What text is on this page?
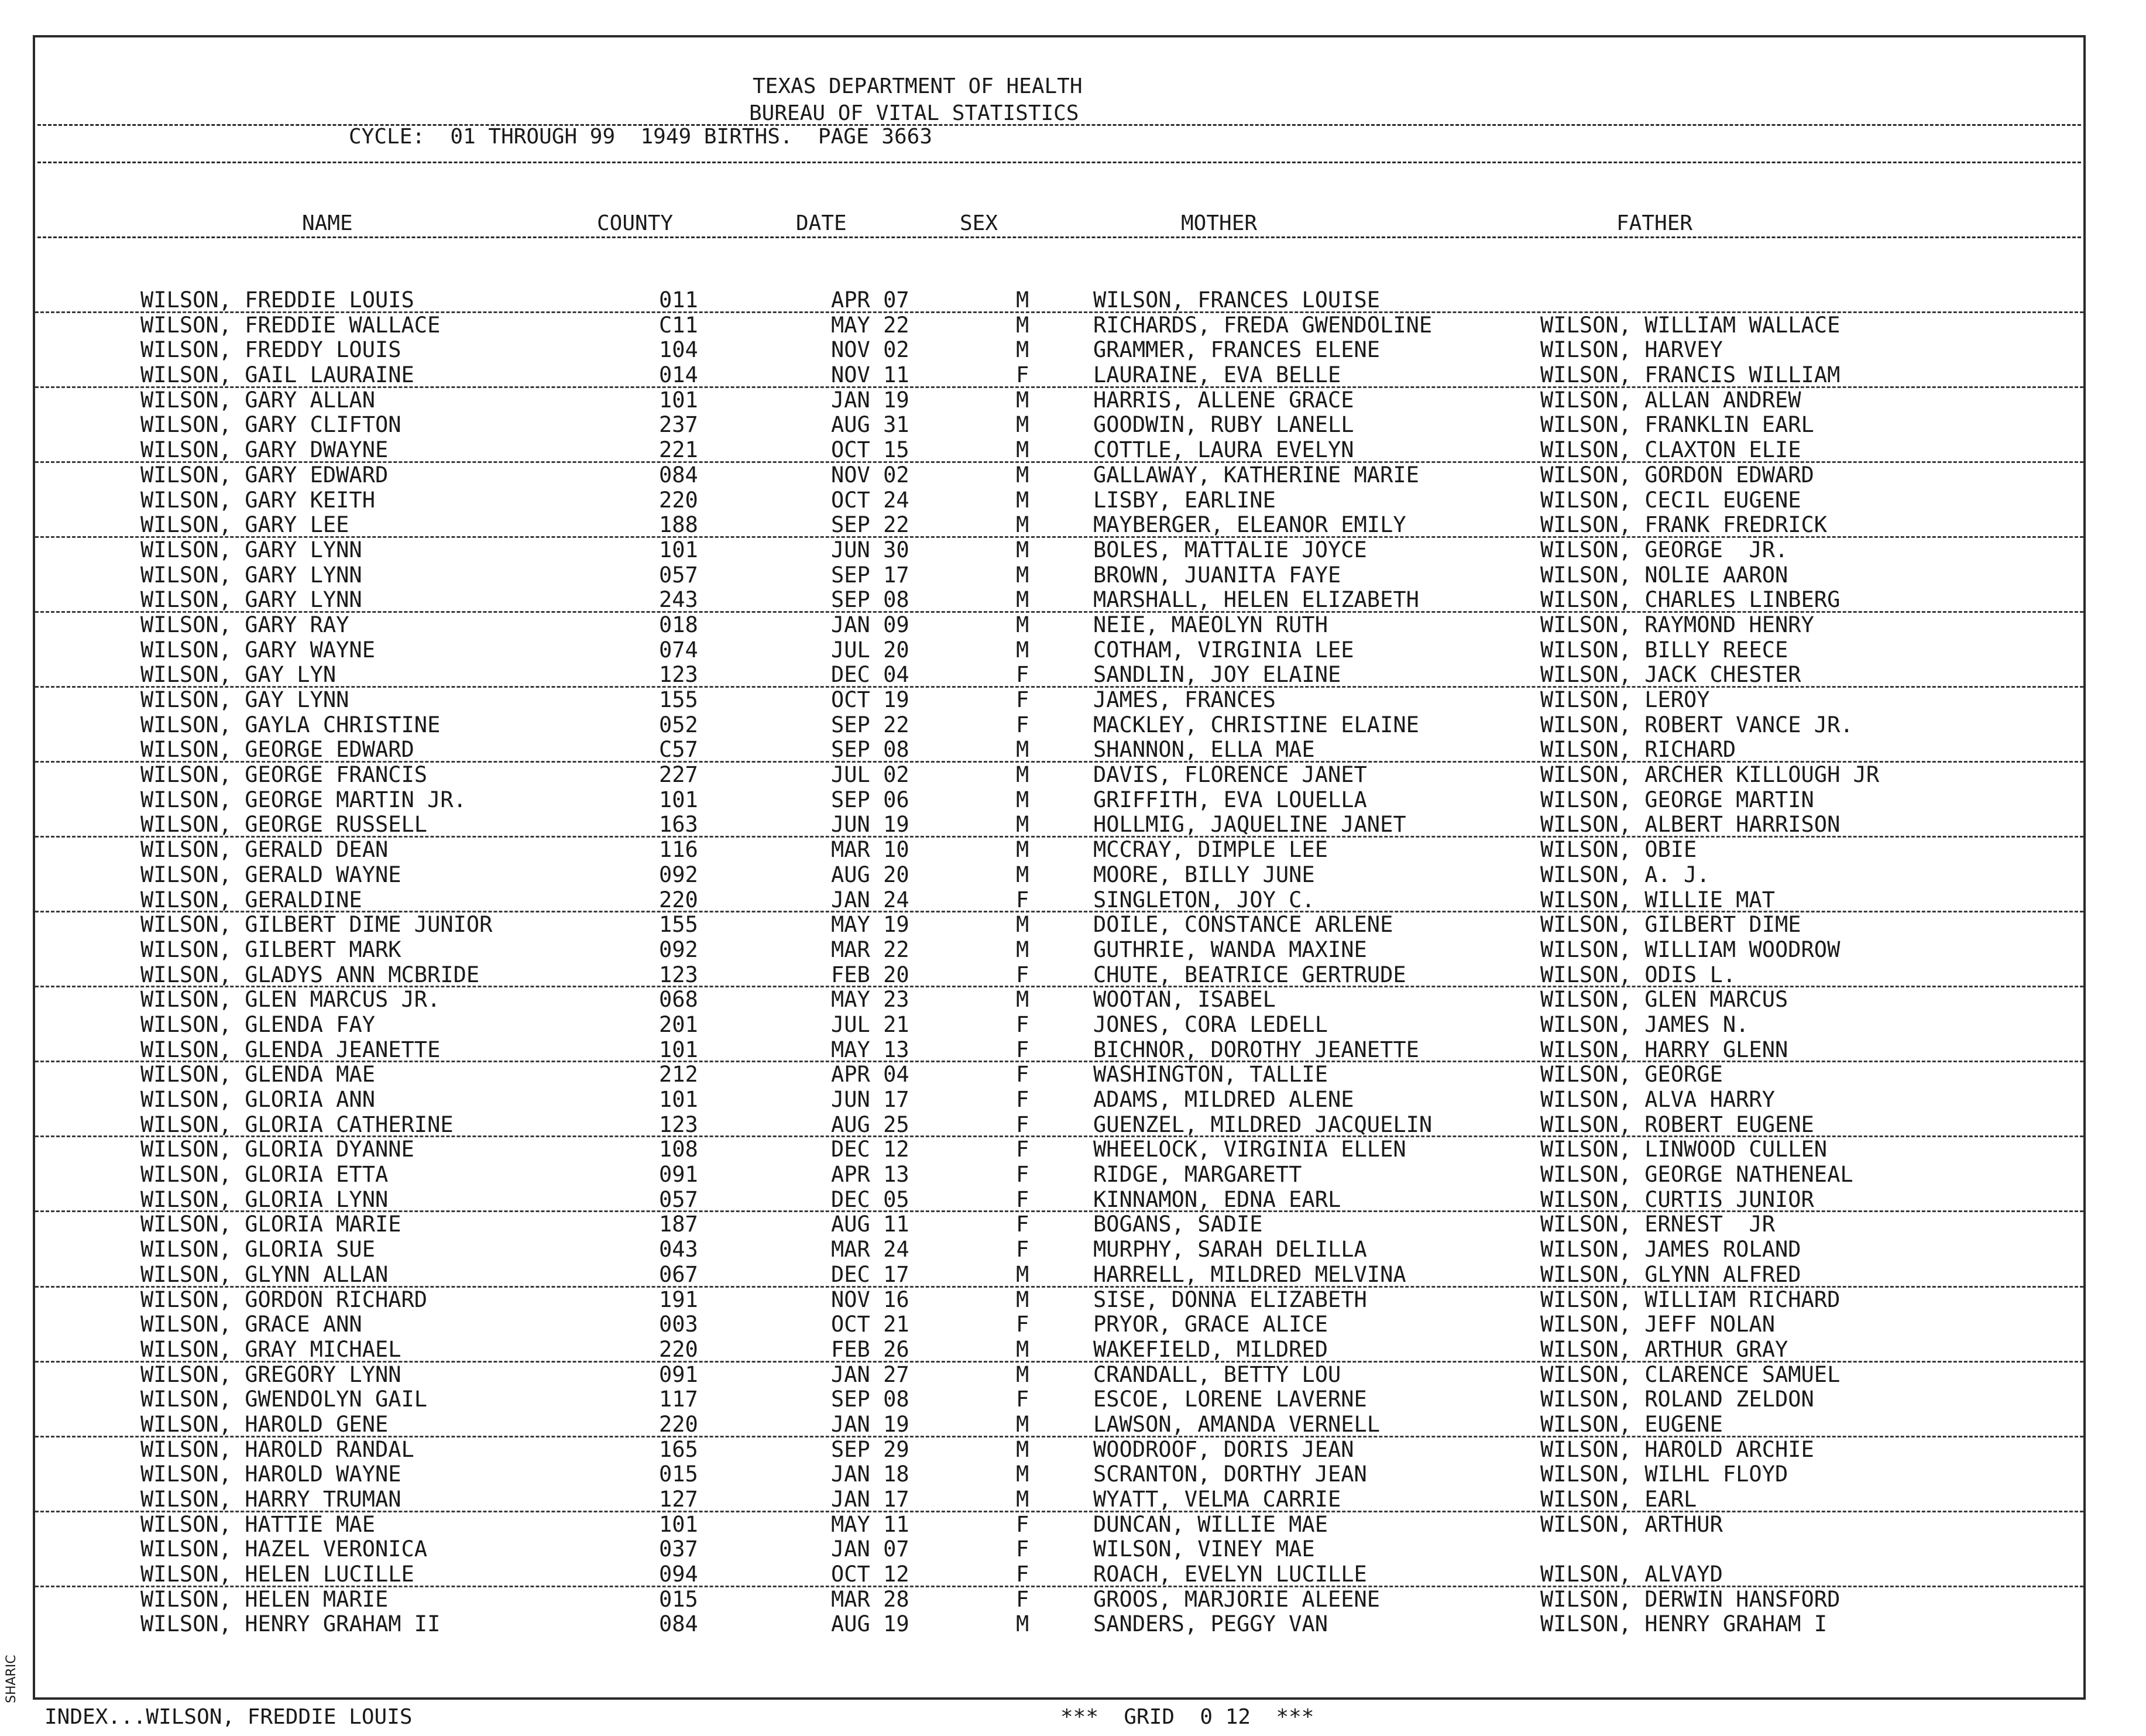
TEXAS DEPARTMENT OF HEALTH
BUREAU OF VITAL STATISTICS
CYCLE:  01 THROUGH 99  1949 BIRTHS.  PAGE 3663
NAME	COUNTY	DATE	SEX	MOTHER	FATHER
WILSON, FREDDIE LOUIS	011	APR 07	M	WILSON, FRANCES LOUISE
WILSON, FREDDIE WALLACE	C11	MAY 22	M	RICHARDS, FREDA GWENDOLINE	WILSON, WILLIAM WALLACE
WILSON, FREDDY LOUIS	104	NOV 02	M	GRAMMER, FRANCES ELENE	WILSON, HARVEY
WILSON, GAIL LAURAINE	014	NOV 11	F	LAURAINE, EVA BELLE	WILSON, FRANCIS WILLIAM
WILSON, GARY ALLAN	101	JAN 19	M	HARRIS, ALLENE GRACE	WILSON, ALLAN ANDREW
WILSON, GARY CLIFTON	237	AUG 31	M	GOODWIN, RUBY LANELL	WILSON, FRANKLIN EARL
WILSON, GARY DWAYNE	221	OCT 15	M	COTTLE, LAURA EVELYN	WILSON, CLAXTON ELIE
WILSON, GARY EDWARD	084	NOV 02	M	GALLAWAY, KATHERINE MARIE	WILSON, GORDON EDWARD
WILSON, GARY KEITH	220	OCT 24	M	LISBY, EARLINE	WILSON, CECIL EUGENE
WILSON, GARY LEE	188	SEP 22	M	MAYBERGER, ELEANOR EMILY	WILSON, FRANK FREDRICK
WILSON, GARY LYNN	101	JUN 30	M	BOLES, MATTALIE JOYCE	WILSON, GEORGE  JR.
WILSON, GARY LYNN	057	SEP 17	M	BROWN, JUANITA FAYE	WILSON, NOLIE AARON
WILSON, GARY LYNN	243	SEP 08	M	MARSHALL, HELEN ELIZABETH	WILSON, CHARLES LINBERG
WILSON, GARY RAY	018	JAN 09	M	NEIE, MAEOLYN RUTH	WILSON, RAYMOND HENRY
WILSON, GARY WAYNE	074	JUL 20	M	COTHAM, VIRGINIA LEE	WILSON, BILLY REECE
WILSON, GAY LYN	123	DEC 04	F	SANDLIN, JOY ELAINE	WILSON, JACK CHESTER
WILSON, GAY LYNN	155	OCT 19	F	JAMES, FRANCES	WILSON, LEROY
WILSON, GAYLA CHRISTINE	052	SEP 22	F	MACKLEY, CHRISTINE ELAINE	WILSON, ROBERT VANCE JR.
WILSON, GEORGE EDWARD	C57	SEP 08	M	SHANNON, ELLA MAE	WILSON, RICHARD
WILSON, GEORGE FRANCIS	227	JUL 02	M	DAVIS, FLORENCE JANET	WILSON, ARCHER KILLOUGH JR
WILSON, GEORGE MARTIN JR.	101	SEP 06	M	GRIFFITH, EVA LOUELLA	WILSON, GEORGE MARTIN
WILSON, GEORGE RUSSELL	163	JUN 19	M	HOLLMIG, JAQUELINE JANET	WILSON, ALBERT HARRISON
WILSON, GERALD DEAN	116	MAR 10	M	MCCRAY, DIMPLE LEE	WILSON, OBIE
WILSON, GERALD WAYNE	092	AUG 20	M	MOORE, BILLY JUNE	WILSON, A. J.
WILSON, GERALDINE	220	JAN 24	F	SINGLETON, JOY C.	WILSON, WILLIE MAT
WILSON, GILBERT DIME JUNIOR	155	MAY 19	M	DOILE, CONSTANCE ARLENE	WILSON, GILBERT DIME
WILSON, GILBERT MARK	092	MAR 22	M	GUTHRIE, WANDA MAXINE	WILSON, WILLIAM WOODROW
WILSON, GLADYS ANN MCBRIDE	123	FEB 20	F	CHUTE, BEATRICE GERTRUDE	WILSON, ODIS L.
WILSON, GLEN MARCUS JR.	068	MAY 23	M	WOOTAN, ISABEL	WILSON, GLEN MARCUS
WILSON, GLENDA FAY	201	JUL 21	F	JONES, CORA LEDELL	WILSON, JAMES N.
WILSON, GLENDA JEANETTE	101	MAY 13	F	BICHNOR, DOROTHY JEANETTE	WILSON, HARRY GLENN
WILSON, GLENDA MAE	212	APR 04	F	WASHINGTON, TALLIE	WILSON, GEORGE
WILSON, GLORIA ANN	101	JUN 17	F	ADAMS, MILDRED ALENE	WILSON, ALVA HARRY
WILSON, GLORIA CATHERINE	123	AUG 25	F	GUENZEL, MILDRED JACQUELIN	WILSON, ROBERT EUGENE
WILSON, GLORIA DYANNE	108	DEC 12	F	WHEELOCK, VIRGINIA ELLEN	WILSON, LINWOOD CULLEN
WILSON, GLORIA ETTA	091	APR 13	F	RIDGE, MARGARETT	WILSON, GEORGE NATHENEAL
WILSON, GLORIA LYNN	057	DEC 05	F	KINNAMON, EDNA EARL	WILSON, CURTIS JUNIOR
WILSON, GLORIA MARIE	187	AUG 11	F	BOGANS, SADIE	WILSON, ERNEST  JR
WILSON, GLORIA SUE	043	MAR 24	F	MURPHY, SARAH DELILLA	WILSON, JAMES ROLAND
WILSON, GLYNN ALLAN	067	DEC 17	M	HARRELL, MILDRED MELVINA	WILSON, GLYNN ALFRED
WILSON, GORDON RICHARD	191	NOV 16	M	SISE, DONNA ELIZABETH	WILSON, WILLIAM RICHARD
WILSON, GRACE ANN	003	OCT 21	F	PRYOR, GRACE ALICE	WILSON, JEFF NOLAN
WILSON, GRAY MICHAEL	220	FEB 26	M	WAKEFIELD, MILDRED	WILSON, ARTHUR GRAY
WILSON, GREGORY LYNN	091	JAN 27	M	CRANDALL, BETTY LOU	WILSON, CLARENCE SAMUEL
WILSON, GWENDOLYN GAIL	117	SEP 08	F	ESCOE, LORENE LAVERNE	WILSON, ROLAND ZELDON
WILSON, HAROLD GENE	220	JAN 19	M	LAWSON, AMANDA VERNELL	WILSON, EUGENE
WILSON, HAROLD RANDAL	165	SEP 29	M	WOODROOF, DORIS JEAN	WILSON, HAROLD ARCHIE
WILSON, HAROLD WAYNE	015	JAN 18	M	SCRANTON, DORTHY JEAN	WILSON, WILHL FLOYD
WILSON, HARRY TRUMAN	127	JAN 17	M	WYATT, VELMA CARRIE	WILSON, EARL
WILSON, HATTIE MAE	101	MAY 11	F	DUNCAN, WILLIE MAE	WILSON, ARTHUR
WILSON, HAZEL VERONICA	037	JAN 07	F	WILSON, VINEY MAE
WILSON, HELEN LUCILLE	094	OCT 12	F	ROACH, EVELYN LUCILLE	WILSON, ALVAYD
WILSON, HELEN MARIE	015	MAR 28	F	GROOS, MARJORIE ALEENE	WILSON, DERWIN HANSFORD
WILSON, HENRY GRAHAM II	084	AUG 19	M	SANDERS, PEGGY VAN	WILSON, HENRY GRAHAM I
INDEX...WILSON, FREDDIE LOUIS	***  GRID  0 12  ***
SHARIC
